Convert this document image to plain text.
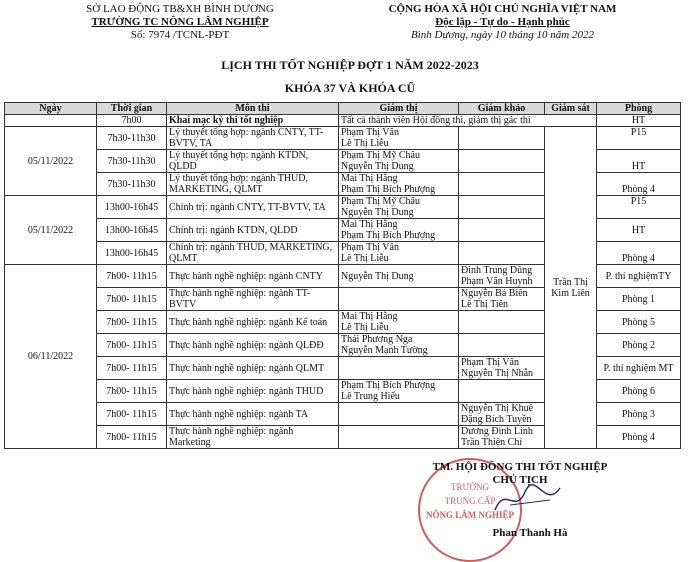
SỞ LAO ĐỘNG TB&XH BÌNH DƯƠNG
TRƯỜNG TC NÔNG LÂM NGHIỆP
Số: 7974 /TCNL-PĐT
CỘNG HÒA XÃ HỘI CHỦ NGHĨA VIỆT NAM
Độc lập - Tự do - Hạnh phúc
Bình Dương, ngày 10 tháng 10 năm 2022
LỊCH THI TỐT NGHIỆP ĐỢT 1 NĂM 2022-2023
KHÓA 37 VÀ KHÓA CŨ
Ngày	Thời gian	Môn thi	Giám thị	Giám khảo	Giám sát	Phòng
	7h00	Khai mạc kỳ thi tốt nghiệp	Tất cả thành viên Hội đồng thi, giám thị gác thi			HT
05/11/2022	7h30-11h30	Lý thuyết tổng hợp: ngành CNTY, TT-BVTV, TA	Phạm Thị Vân
Lê Thị Liễu		Trần Thị Kim Liên	P15
	7h30-11h30	Lý thuyết tổng hợp: ngành KTDN, QLDD	Phạm Thị Mỹ Châu
Nguyễn Thị Dung			HT
	7h30-11h30	Lý thuyết tổng hợp: ngành THUD, MARKETING, QLMT	Mai Thị Hằng
Phạm Thị Bích Phượng			Phòng 4
05/11/2022	13h00-16h45	Chính trị: ngành CNTY, TT-BVTV, TA	Phạm Thị Mỹ Châu
Nguyễn Thị Dung			P15
	13h00-16h45	Chính trị: ngành KTDN, QLDD	Mai Thị Hằng
Phạm Thị Bích Phượng			HT
	13h00-16h45	Chính trị: ngành THUD, MARKETING, QLMT	Phạm Thị Vân
Lê Thị Liễu			Phòng 4
06/11/2022	7h00- 11h15	Thực hành nghề nghiệp: ngành CNTY	Nguyễn Thị Dung	Đinh Trung Dũng
Phạm Văn Huynh		P. thí nghiệmTY
	7h00- 11h15	Thực hành nghề nghiệp: ngành TT-BVTV		Nguyễn Bá Biên
Lê Thị Tiên		Phòng 1
	7h00- 11h15	Thực hành nghề nghiệp: ngành Kế toán	Mai Thị Hằng
Lê Thị Liễu			Phòng 5
	7h00- 11h15	Thực hành nghề nghiệp: ngành QLĐĐ	Thái Phương Nga
Nguyễn Mạnh Tường			Phòng 2
	7h00- 11h15	Thực hành nghề nghiệp: ngành QLMT		Phạm Thị Vân
Nguyễn Thị Nhẫn		P. thí nghiệm MT
	7h00- 11h15	Thực hành nghề nghiệp: ngành THUD	Phạm Thị Bích Phượng
Lê Trung Hiếu			Phòng 6
	7h00- 11h15	Thực hành nghề nghiệp: ngành TA		Nguyễn Thị Khuê
Đặng Bích Tuyền		Phòng 3
	7h00- 11h15	Thực hành nghề nghiệp: ngành Marketing		Dương Đình Linh
Trần Thiện Chí		Phòng 4
TRƯỜNG
TRUNG CẤP
NÔNG LÂM NGHIỆP
TM. HỘI ĐỒNG THI TỐT NGHIỆP
CHỦ TỊCH
Phan Thanh Hà
